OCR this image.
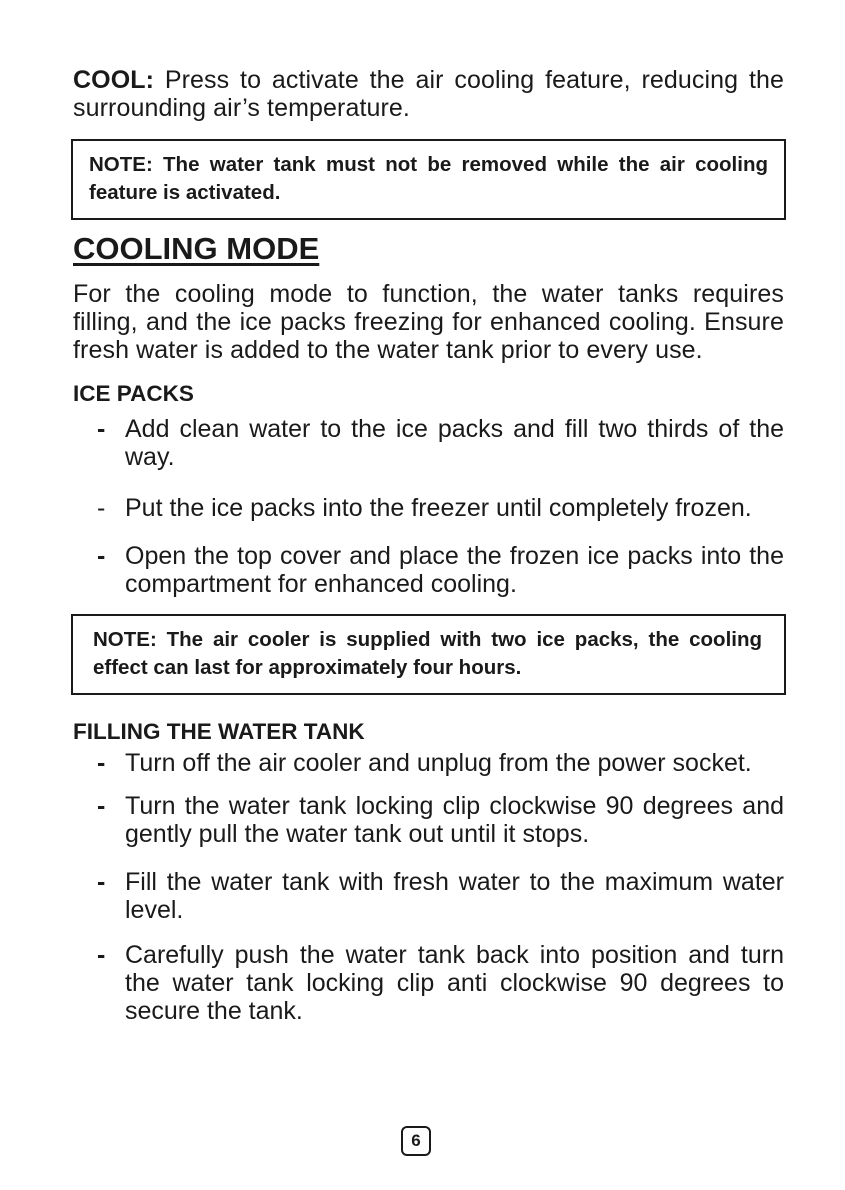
COOL: Press to activate the air cooling feature, reducing the surrounding air’s temperature.

NOTE: The water tank must not be removed while the air cooling feature is activated.
COOLING MODE

For the cooling mode to function, the water tanks requires filling, and the ice packs freezing for enhanced cooling. Ensure fresh water is added to the water tank prior to every use.

ICE PACKS
- Add clean water to the ice packs and fill two thirds of the way.
- Put the ice packs into the freezer until completely frozen.
- Open the top cover and place the frozen ice packs into the compartment for enhanced cooling.
NOTE: The air cooler is supplied with two ice packs, the cooling effect can last for approximately four hours.
FILLING THE WATER TANK
- Turn off the air cooler and unplug from the power socket.
- Turn the water tank locking clip clockwise 90 degrees and gently pull the water tank out until it stops.
- Fill the water tank with fresh water to the maximum water level.
- Carefully push the water tank back into position and turn the water tank locking clip anti clockwise 90 degrees to secure the tank.
6
